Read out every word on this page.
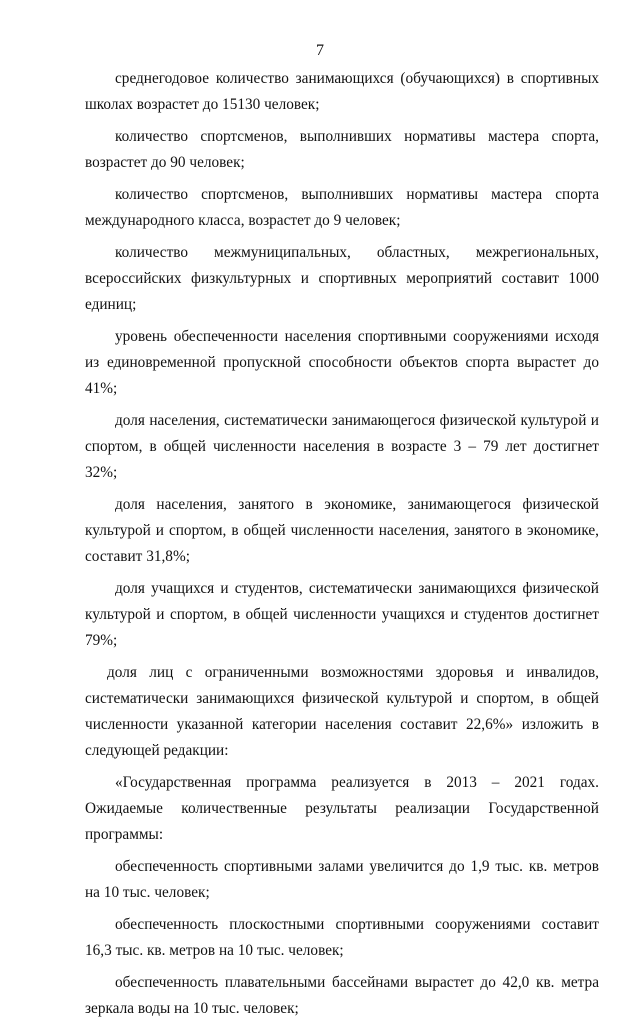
7

среднегодовое количество занимающихся (обучающихся) в спортивных школах возрастет до 15130 человек;

количество спортсменов, выполнивших нормативы мастера спорта, возрастет до 90 человек;

количество спортсменов, выполнивших нормативы мастера спорта международного класса, возрастет до 9 человек;

количество межмуниципальных, областных, межрегиональных, всероссийских физкультурных и спортивных мероприятий составит 1000 единиц;

уровень обеспеченности населения спортивными сооружениями исходя из единовременной пропускной способности объектов спорта вырастет до 41%;

доля населения, систематически занимающегося физической культурой и спортом, в общей численности населения в возрасте 3 – 79 лет достигнет 32%;

доля населения, занятого в экономике, занимающегося физической культурой и спортом, в общей численности населения, занятого в экономике, составит 31,8%;

доля учащихся и студентов, систематически занимающихся физической культурой и спортом, в общей численности учащихся и студентов достигнет 79%;

доля лиц с ограниченными возможностями здоровья и инвалидов, систематически занимающихся физической культурой и спортом, в общей численности указанной категории населения составит 22,6%» изложить в следующей редакции:

«Государственная программа реализуется в 2013 – 2021 годах. Ожидаемые количественные результаты реализации Государственной программы:

обеспеченность спортивными залами увеличится до 1,9 тыс. кв. метров на 10 тыс. человек;

обеспеченность плоскостными спортивными сооружениями составит 16,3 тыс. кв. метров на 10 тыс. человек;

обеспеченность плавательными бассейнами вырастет до 42,0 кв. метра зеркала воды на 10 тыс. человек;
